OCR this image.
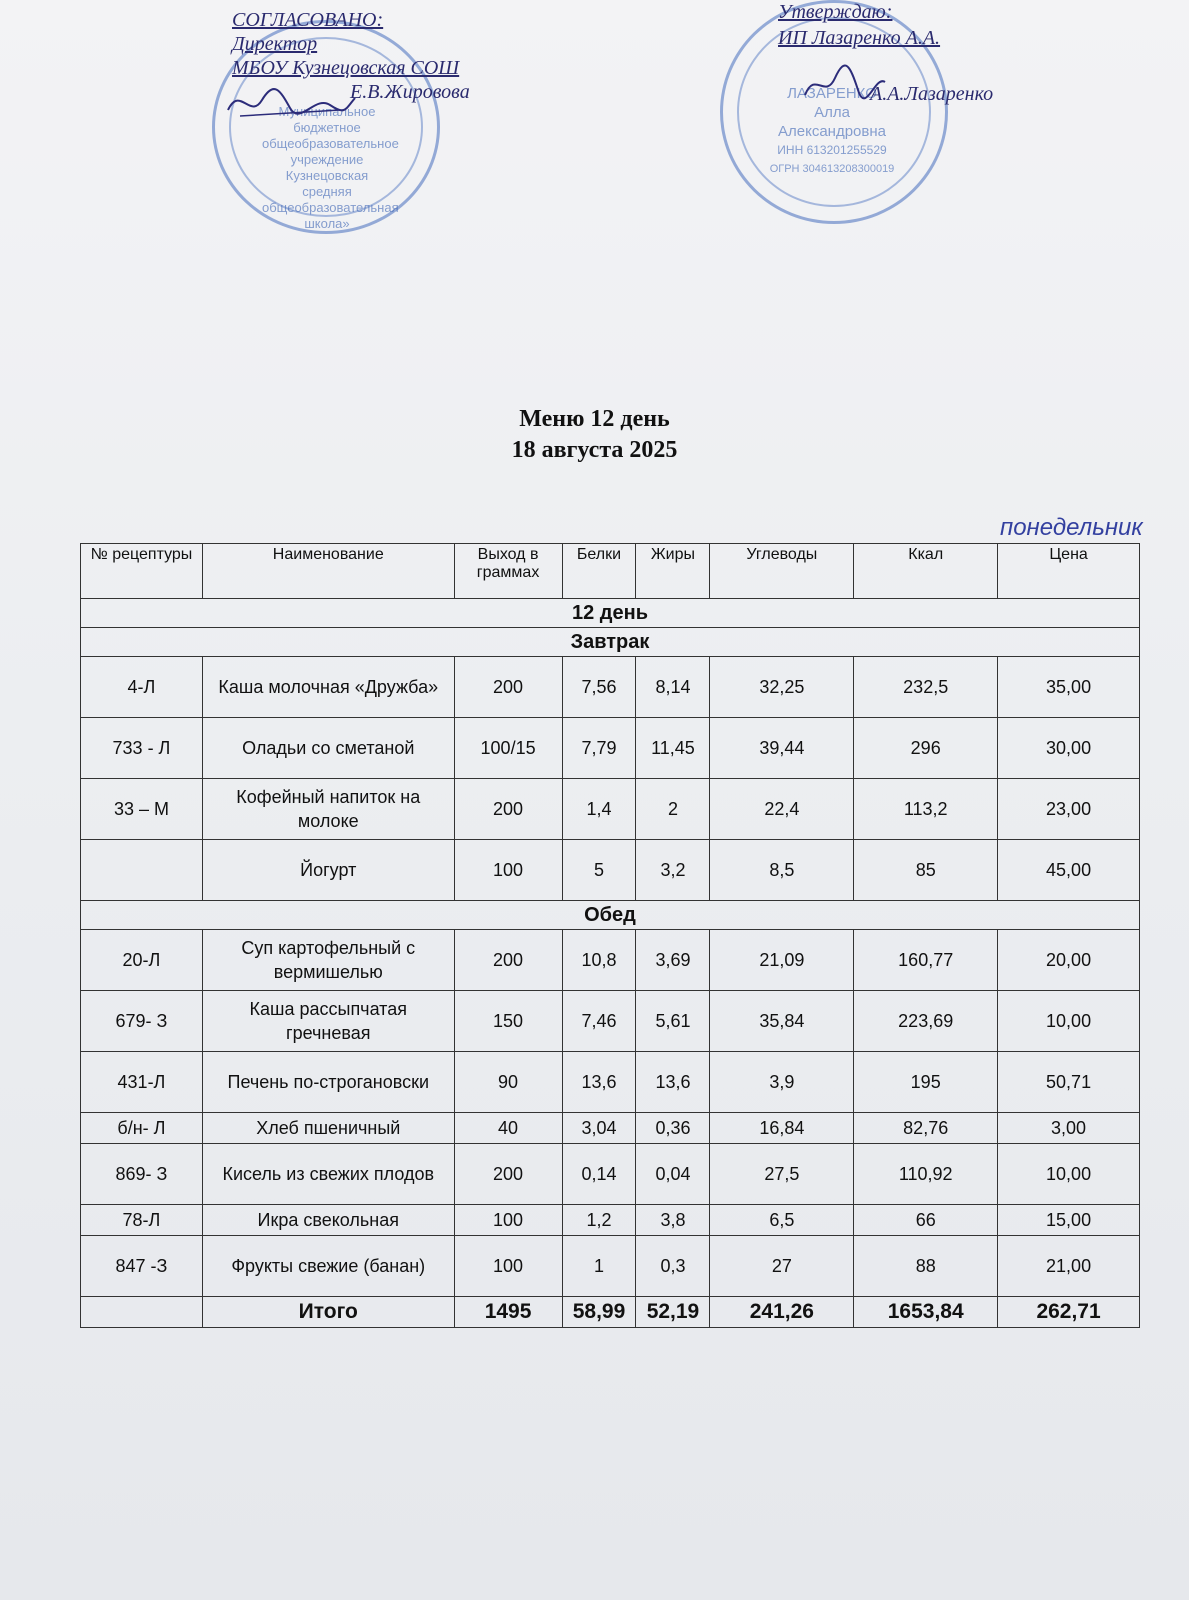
Муниципальное
бюджетное
общеобразовательное
учреждение
Кузнецовская средняя
общеобразовательная
школа»
ЛАЗАРЕНКО
Алла
Александровна
ИНН 613201255529
ОГРН 304613208300019
СОГЛАСОВАНО:
Директор
МБОУ Кузнецовская СОШ
Е.В.Жировова
Утверждаю:
ИП Лазаренко А.А.
А.А.Лазаренко
Меню 12 день
18 августа 2025
понедельник
№ рецептуры	Наименование	Выход в граммах	Белки	Жиры	Углеводы	Ккал	Цена
12 день							
Завтрак							
4-Л	Каша молочная «Дружба»	200	7,56	8,14	32,25	232,5	35,00
733 - Л	Оладьи со сметаной	100/15	7,79	11,45	39,44	296	30,00
33 – М	Кофейный напиток на молоке	200	1,4	2	22,4	113,2	23,00
	Йогурт	100	5	3,2	8,5	85	45,00
Обед							
20-Л	Суп картофельный с вермишелью	200	10,8	3,69	21,09	160,77	20,00
679- З	Каша рассыпчатая гречневая	150	7,46	5,61	35,84	223,69	10,00
431-Л	Печень по-строгановски	90	13,6	13,6	3,9	195	50,71
б/н- Л	Хлеб пшеничный	40	3,04	0,36	16,84	82,76	3,00
869- З	Кисель из свежих плодов	200	0,14	0,04	27,5	110,92	10,00
78-Л	Икра свекольная	100	1,2	3,8	6,5	66	15,00
847 -З	Фрукты свежие (банан)	100	1	0,3	27	88	21,00
	Итого	1495	58,99	52,19	241,26	1653,84	262,71
